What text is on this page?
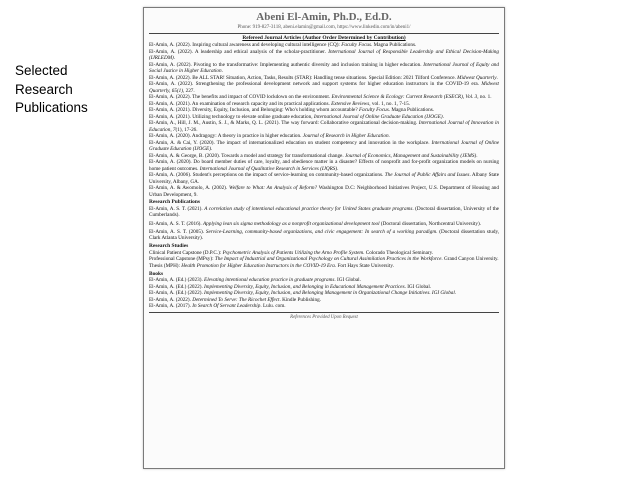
Selected
Research
Publications
Abeni El-Amin, Ph.D., Ed.D.
Phone: 919-827-3118, abeni.elamin@gmail.com, https://www.linkedin.com/in/abeni1/
Refereed Journal Articles (Author Order Determined by Contribution)
El-Amin, A. (2022). Inspiring cultural awareness and developing cultural intelligence (CQ): Faculty Focus. Magna Publications.
El-Amin, A. (2022). A leadership and ethical analysis of the scholar-practitioner. International Journal of Responsible Leadership and Ethical Decision-Making (IJRLEDM).
El-Amin, A. (2022). Pivoting to the transformative: Implementing authentic diversity and inclusion training in higher education. International Journal of Equity and Social Justice in Higher Education.
El-Amin, A. (2022). Be ALL STAR! Situation, Action, Tasks, Results (STAR): Handling tense situations. Special Edition: 2021 Tilford Conference. Midwest Quarterly.
El-Amin, A. (2022). Strengthening the professional development network and support systems for higher education instructors in the COVID-19 era. Midwest Quarterly, 65(1), 227.
El-Amin, A. (2022). The benefits and impact of COVID lockdown on the environment. Environmental Science & Ecology: Current Research (ESECR), Vol. 3, no. 1.
El-Amin, A. (2021). An examination of research capacity and its practical applications. Extensive Reviews, vol. 1, no. 1, 7-15.
El-Amin, A. (2021). Diversity, Equity, Inclusion, and Belonging: Who's holding whom accountable? Faculty Focus. Magna Publications.
El-Amin, A. (2021). Utilizing technology to elevate online graduate education, International Journal of Online Graduate Education (IJOGE).
El-Amin, A., Hill, J. M., Austin, S. J., & Marks, Q. L. (2021). The way forward: Collaborative organizational decision-making. International Journal of Innovation in Education, 7(1), 17-26.
El-Amin, A. (2020). Andragogy: A theory in practice in higher education. Journal of Research in Higher Education.
El-Amin, A. & Cai, Y. (2020). The impact of internationalized education on student competency and innovation in the workplace. International Journal of Online Graduate Education (IJOGE).
El-Amin, A. & George, B. (2020). Towards a model and strategy for transformational change. Journal of Economics, Management and Sustainability (JEMS).
El-Amin, A. (2020). Do board member duties of care, loyalty, and obedience matter in a disaster? Effects of nonprofit and for-profit organization models on nursing home patient outcomes. International Journal of Qualitative Research in Services (IJQRS).
El-Amin, A. (2006). Student's perceptions on the impact of service-learning on community-based organizations. The Journal of Public Affairs and Issues. Albany State University, Albany, GA.
El-Amin, A. & Awomolo, A. (2002). Welfare to What: An Analysis of Reform? Washington D.C: Neighborhood Initiatives Project, U.S. Department of Housing and Urban Development, 9.
Research Publications
El-Amin, A. S. T. (2021). A correlation study of intentional educational practice theory for United States graduate programs. (Doctoral dissertation, University of the Cumberlands).
El-Amin, A. S. T. (2016). Applying lean six sigma methodology as a nonprofit organizational development tool (Doctoral dissertation, Northcentral University).
El-Amin, A. S. T. (2005). Service-Learning, community-based organizations, and civic engagement: In search of a working paradigm. (Doctoral dissertation study, Clark Atlanta University).
Research Studies
Clinical Patient Capstone (D.P.C.): Psychometric Analysis of Patients Utilizing the Arno Profile System. Colorado Theological Seminary.
Professional Capstone (MPsy): The Impact of Industrial and Organizational Psychology on Cultural Assimilation Practices in the Workforce. Grand Canyon University.
Thesis (MPH): Health Promotion for Higher Education Instructors in the COVID-19 Era. Fort Hays State University.
Books
El-Amin, A. (Ed.) (2023). Elevating intentional education practice in graduate programs. IGI Global.
El-Amin, A. (Ed.) (2022). Implementing Diversity, Equity, Inclusion, and Belonging in Educational Management Practices. IGI Global.
El-Amin, A. (Ed.) (2022). Implementing Diversity, Equity, Inclusion, and Belonging Management in Organizational Change Initiatives. IGI Global.
El-Amin, A. (2022). Determined To Serve: The Ricochet Effect. Kindle Publishing.
El-Amin, A. (2017). In Search Of Servant Leadership. Lulu. com.
References Provided Upon Request
